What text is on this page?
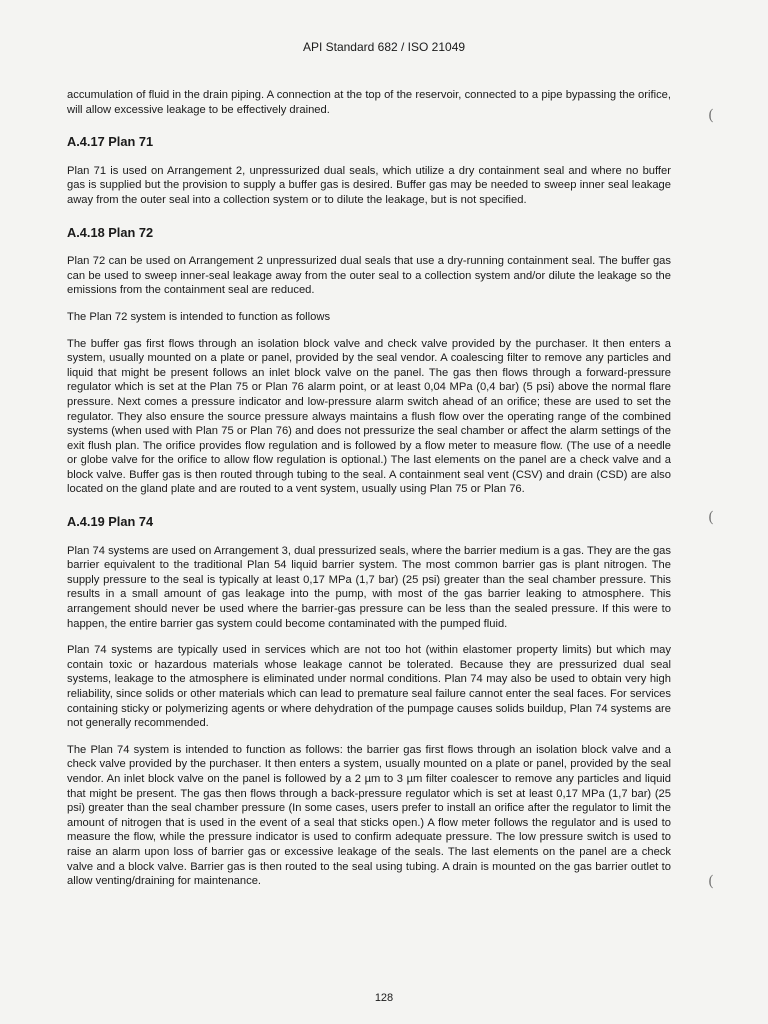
API Standard 682 / ISO 21049

accumulation of fluid in the drain piping. A connection at the top of the reservoir, connected to a pipe bypassing the orifice, will allow excessive leakage to be effectively drained.

A.4.17 Plan 71

Plan 71 is used on Arrangement 2, unpressurized dual seals, which utilize a dry containment seal and where no buffer gas is supplied but the provision to supply a buffer gas is desired. Buffer gas may be needed to sweep inner seal leakage away from the outer seal into a collection system or to dilute the leakage, but is not specified.

A.4.18 Plan 72

Plan 72 can be used on Arrangement 2 unpressurized dual seals that use a dry-running containment seal. The buffer gas can be used to sweep inner-seal leakage away from the outer seal to a collection system and/or dilute the leakage so the emissions from the containment seal are reduced.

The Plan 72 system is intended to function as follows

The buffer gas first flows through an isolation block valve and check valve provided by the purchaser. It then enters a system, usually mounted on a plate or panel, provided by the seal vendor. A coalescing filter to remove any particles and liquid that might be present follows an inlet block valve on the panel. The gas then flows through a forward-pressure regulator which is set at the Plan 75 or Plan 76 alarm point, or at least 0,04 MPa (0,4 bar) (5 psi) above the normal flare pressure. Next comes a pressure indicator and low-pressure alarm switch ahead of an orifice; these are used to set the regulator. They also ensure the source pressure always maintains a flush flow over the operating range of the combined systems (when used with Plan 75 or Plan 76) and does not pressurize the seal chamber or affect the alarm settings of the exit flush plan. The orifice provides flow regulation and is followed by a flow meter to measure flow. (The use of a needle or globe valve for the orifice to allow flow regulation is optional.) The last elements on the panel are a check valve and a block valve. Buffer gas is then routed through tubing to the seal. A containment seal vent (CSV) and drain (CSD) are also located on the gland plate and are routed to a vent system, usually using Plan 75 or Plan 76.

A.4.19 Plan 74

Plan 74 systems are used on Arrangement 3, dual pressurized seals, where the barrier medium is a gas. They are the gas barrier equivalent to the traditional Plan 54 liquid barrier system. The most common barrier gas is plant nitrogen. The supply pressure to the seal is typically at least 0,17 MPa (1,7 bar) (25 psi) greater than the seal chamber pressure. This results in a small amount of gas leakage into the pump, with most of the gas barrier leaking to atmosphere. This arrangement should never be used where the barrier-gas pressure can be less than the sealed pressure. If this were to happen, the entire barrier gas system could become contaminated with the pumped fluid.

Plan 74 systems are typically used in services which are not too hot (within elastomer property limits) but which may contain toxic or hazardous materials whose leakage cannot be tolerated. Because they are pressurized dual seal systems, leakage to the atmosphere is eliminated under normal conditions. Plan 74 may also be used to obtain very high reliability, since solids or other materials which can lead to premature seal failure cannot enter the seal faces. For services containing sticky or polymerizing agents or where dehydration of the pumpage causes solids buildup, Plan 74 systems are not generally recommended.

The Plan 74 system is intended to function as follows: the barrier gas first flows through an isolation block valve and a check valve provided by the purchaser. It then enters a system, usually mounted on a plate or panel, provided by the seal vendor. An inlet block valve on the panel is followed by a 2 µm to 3 µm filter coalescer to remove any particles and liquid that might be present. The gas then flows through a back-pressure regulator which is set at least 0,17 MPa (1,7 bar) (25 psi) greater than the seal chamber pressure (In some cases, users prefer to install an orifice after the regulator to limit the amount of nitrogen that is used in the event of a seal that sticks open.) A flow meter follows the regulator and is used to measure the flow, while the pressure indicator is used to confirm adequate pressure. The low pressure switch is used to raise an alarm upon loss of barrier gas or excessive leakage of the seals. The last elements on the panel are a check valve and a block valve. Barrier gas is then routed to the seal using tubing. A drain is mounted on the gas barrier outlet to allow venting/draining for maintenance.

(
(
(
128
